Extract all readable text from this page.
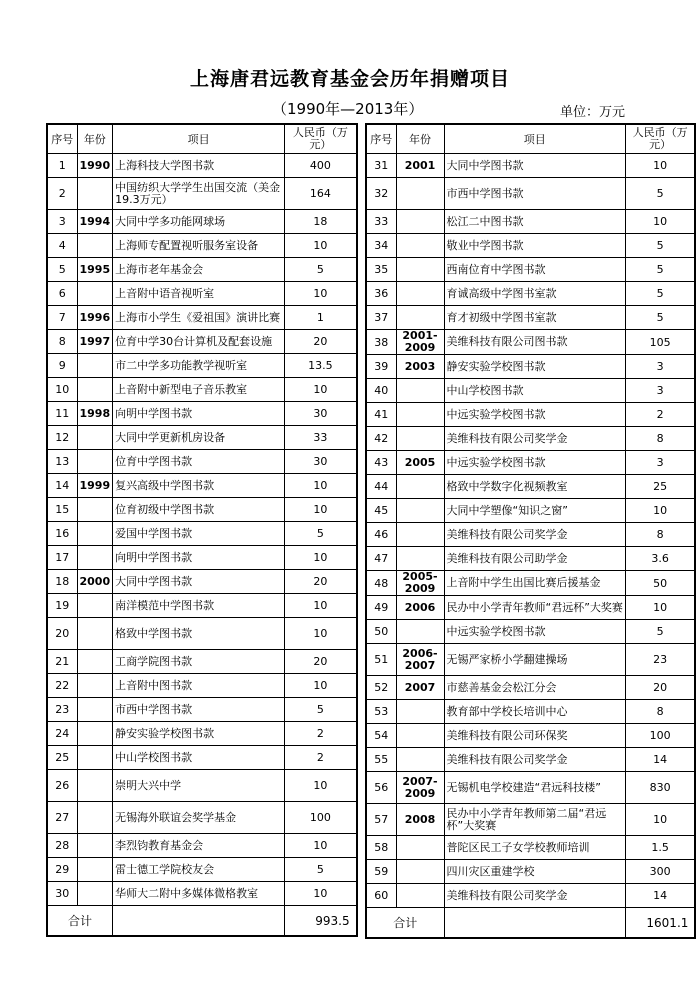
上海唐君远教育基金会历年捐赠项目
（1990年—2013年）	单位：万元
序号	年份	项目	人民币（万元）
1	1990	上海科技大学图书款	400
2		中国纺织大学学生出国交流（美金19.3万元）	164
3	1994	大同中学多功能网球场	18
4		上海师专配置视听服务室设备	10
5	1995	上海市老年基金会	5
6		上音附中语音视听室	10
7	1996	上海市小学生《爱祖国》演讲比赛	1
8	1997	位育中学30台计算机及配套设施	20
9		市二中学多功能教学视听室	13.5
10		上音附中新型电子音乐教室	10
11	1998	向明中学图书款	30
12		大同中学更新机房设备	33
13		位育中学图书款	30
14	1999	复兴高级中学图书款	10
15		位育初级中学图书款	10
16		爱国中学图书款	5
17		向明中学图书款	10
18	2000	大同中学图书款	20
19		南洋模范中学图书款	10
20		格致中学图书款	10
21		工商学院图书款	20
22		上音附中图书款	10
23		市西中学图书款	5
24		静安实验学校图书款	2
25		中山学校图书款	2
26		崇明大兴中学	10
27		无锡海外联谊会奖学基金	100
28		李烈钧教育基金会	10
29		雷士德工学院校友会	5
30		华师大二附中多媒体微格教室	10
合计			993.5
序号	年份	项目	人民币（万元）
31	2001	大同中学图书款	10
32		市西中学图书款	5
33		松江二中图书款	10
34		敬业中学图书款	5
35		西南位育中学图书款	5
36		育诚高级中学图书室款	5
37		育才初级中学图书室款	5
38	2001-2009	美维科技有限公司图书款	105
39	2003	静安实验学校图书款	3
40		中山学校图书款	3
41		中远实验学校图书款	2
42		美维科技有限公司奖学金	8
43	2005	中远实验学校图书款	3
44		格致中学数字化视频教室	25
45		大同中学塑像“知识之窗”	10
46		美维科技有限公司奖学金	8
47		美维科技有限公司助学金	3.6
48	2005-2009	上音附中学生出国比赛后援基金	50
49	2006	民办中小学青年教师“君远杯”大奖赛	10
50		中远实验学校图书款	5
51	2006-2007	无锡严家桥小学翻建操场	23
52	2007	市慈善基金会松江分会	20
53		教育部中学校长培训中心	8
54		美维科技有限公司环保奖	100
55		美维科技有限公司奖学金	14
56	2007-2009	无锡机电学校建造“君远科技楼”	830
57	2008	民办中小学青年教师第二届“君远杯”大奖赛	10
58		普陀区民工子女学校教师培训	1.5
59		四川灾区重建学校	300
60		美维科技有限公司奖学金	14
合计			1601.1
